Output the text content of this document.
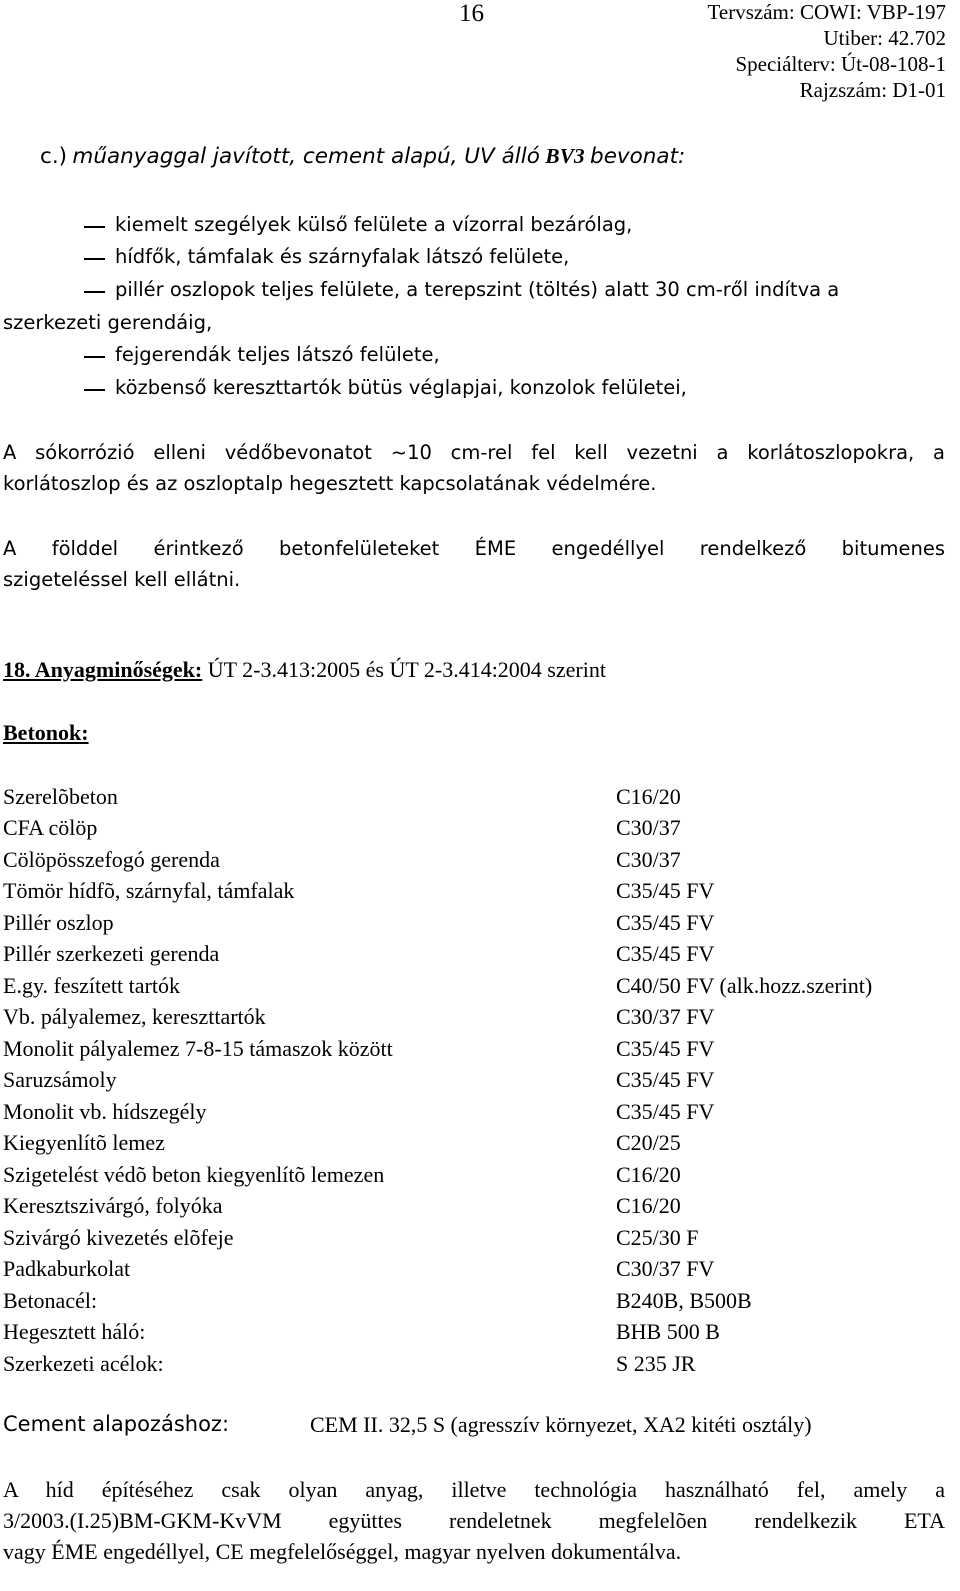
16	Tervszám: COWI: VBP-197
Utiber: 42.702
Speciálterv: Út-08-108-1
Rajzszám: D1-01
c.) műanyaggal javított, cement alapú, UV álló BV3 bevonat:
kiemelt szegélyek külső felülete a vízorral bezárólag,
hídfők, támfalak és szárnyfalak látszó felülete,
pillér oszlopok teljes felülete, a terepszint (töltés) alatt 30 cm-ről indítva a
szerkezeti gerendáig,
fejgerendák teljes látszó felülete,
közbenső kereszttartók bütüs véglapjai, konzolok felületei,
A sókorrózió elleni védőbevonatot ~10 cm-rel fel kell vezetni a korlátoszlopokra, a
korlátoszlop és az oszloptalp hegesztett kapcsolatának védelmére.
A földdel érintkező betonfelületeket ÉME engedéllyel rendelkező bitumenes
szigeteléssel kell ellátni.
18. Anyagminőségek: ÚT 2-3.413:2005 és ÚT 2-3.414:2004 szerint
Betonok:
Szerelõbeton	C16/20
CFA cölöp	C30/37
Cölöpösszefogó gerenda	C30/37
Tömör hídfõ, szárnyfal, támfalak	C35/45 FV
Pillér oszlop	C35/45 FV
Pillér szerkezeti gerenda	C35/45 FV
E.gy. feszített tartók	C40/50 FV (alk.hozz.szerint)
Vb. pályalemez, kereszttartók	C30/37 FV
Monolit pályalemez 7-8-15 támaszok között	C35/45 FV
Saruzsámoly	C35/45 FV
Monolit vb. hídszegély	C35/45 FV
Kiegyenlítõ lemez	C20/25
Szigetelést védõ beton kiegyenlítõ lemezen	C16/20
Keresztszivárgó, folyóka	C16/20
Szivárgó kivezetés elõfeje	C25/30 F
Padkaburkolat	C30/37 FV
Betonacél:	B240B, B500B
Hegesztett háló:	BHB 500 B
Szerkezeti acélok:	S 235 JR
Cement alapozáshoz:	CEM II. 32,5 S (agresszív környezet, XA2 kitéti osztály)
A híd építéséhez csak olyan anyag, illetve technológia használható fel, amely a
3/2003.(I.25)BM-GKM-KvVM együttes rendeletnek megfelelõen rendelkezik ETA
vagy ÉME engedéllyel, CE megfelelőséggel, magyar nyelven dokumentálva.
